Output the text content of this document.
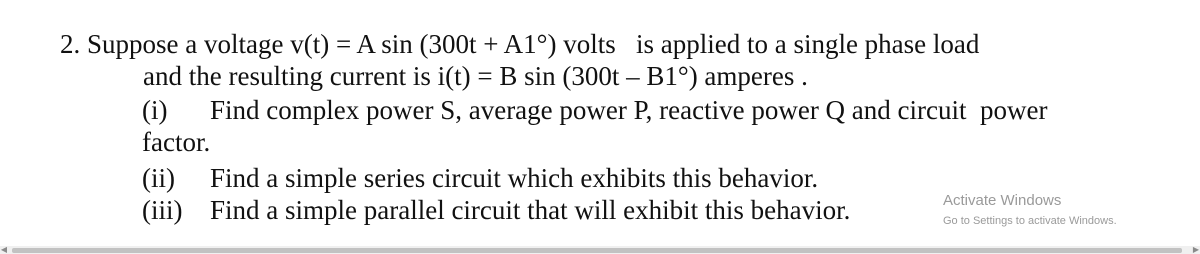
2. Suppose a voltage v(t) = A sin (300t + A1°) volts   is applied to a single phase load
and the resulting current is i(t) = B sin (300t – B1°) amperes .
(i) Find complex power S, average power P, reactive power Q and circuit  power
factor.
(ii) Find a simple series circuit which exhibits this behavior.
(iii) Find a simple parallel circuit that will exhibit this behavior.	Activate Windows
Go to Settings to activate Windows.
◀	▶
